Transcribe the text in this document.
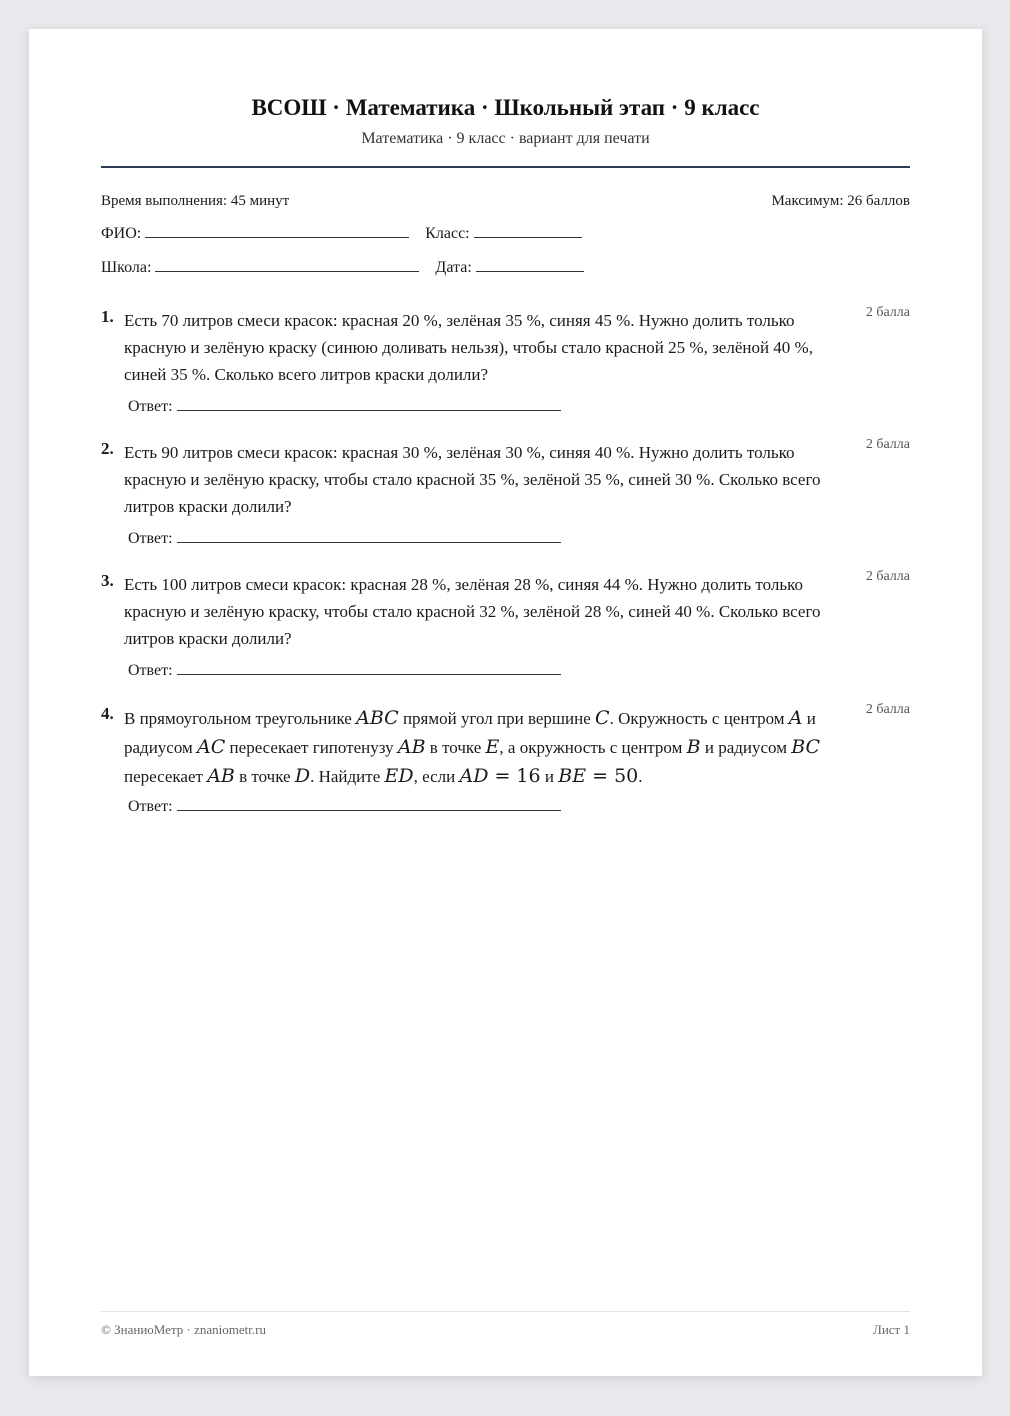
ВСОШ · Математика · Школьный этап · 9 класс
Математика · 9 класс · вариант для печати
Время выполнения: 45 минут	Максимум: 26 баллов
ФИО:	Класс:
Школа:	Дата:
1. Есть 70 литров смеси красок: красная 20 %, зелёная 35 %, синяя 45 %. Нужно долить только красную и зелёную краску (синюю доливать нельзя), чтобы стало красной 25 %, зелёной 40 %, синей 35 %. Сколько всего литров краски долили?
2 балла
Ответ:
2. Есть 90 литров смеси красок: красная 30 %, зелёная 30 %, синяя 40 %. Нужно долить только красную и зелёную краску, чтобы стало красной 35 %, зелёной 35 %, синей 30 %. Сколько всего литров краски долили?
2 балла
Ответ:
3. Есть 100 литров смеси красок: красная 28 %, зелёная 28 %, синяя 44 %. Нужно долить только красную и зелёную краску, чтобы стало красной 32 %, зелёной 28 %, синей 40 %. Сколько всего литров краски долили?
2 балла
Ответ:
4. В прямоугольном треугольнике ABC прямой угол при вершине C. Окружность с центром A и радиусом AC пересекает гипотенузу AB в точке E, а окружность с центром B и радиусом BC пересекает AB в точке D. Найдите ED, если AD = 16 и BE = 50.
2 балла
Ответ:
© ЗнаниоМетр · znaniometr.ru	Лист 1
